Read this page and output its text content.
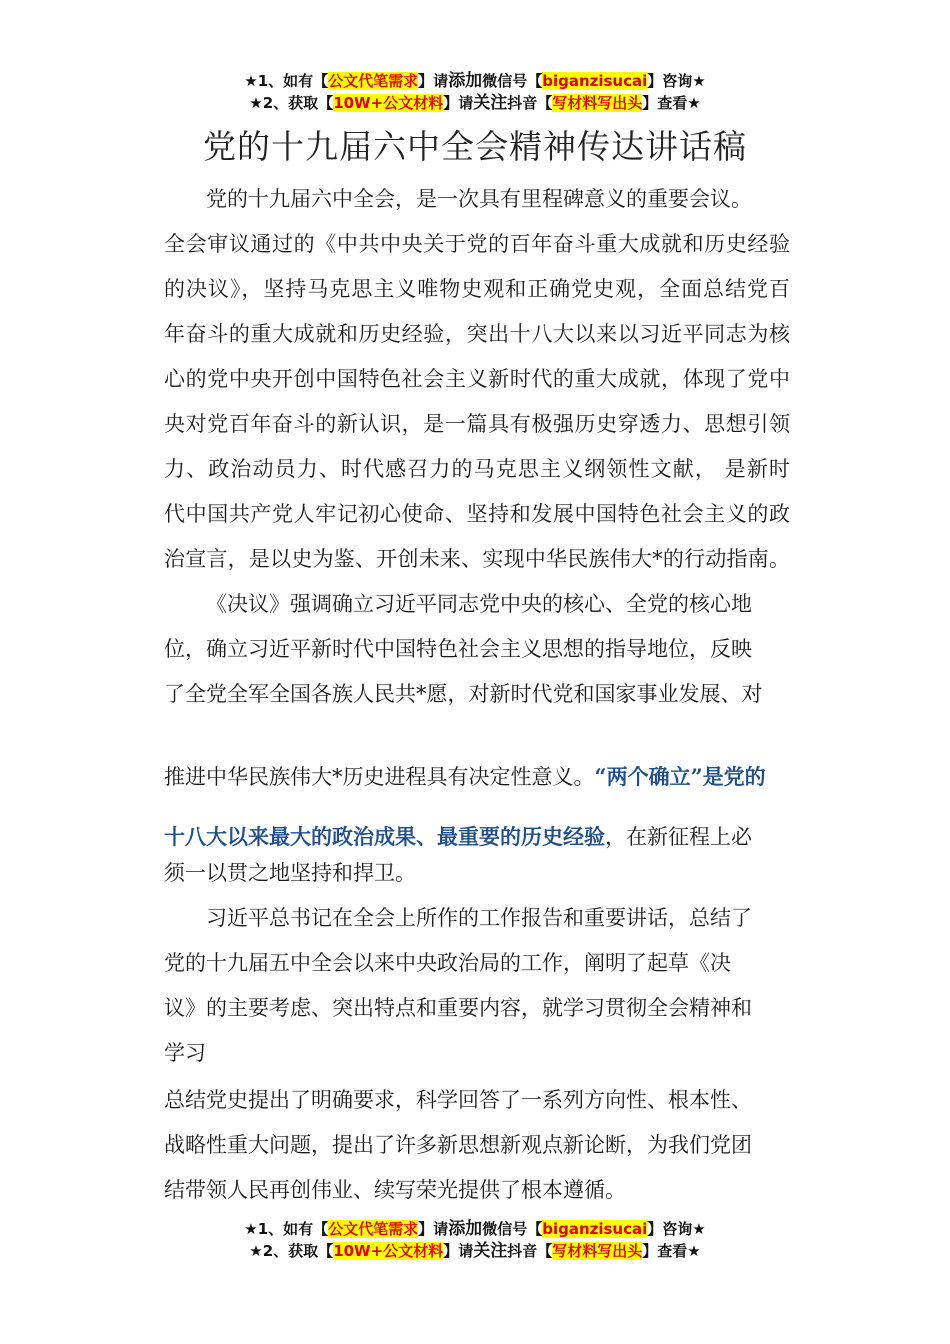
★1、如有【公文代笔需求】请添加微信号【biganzisucai】咨询★
★2、获取【10W+公文材料】请关注抖音【写材料写出头】查看★
党的十九届六中全会精神传达讲话稿
党的十九届六中全会，是一次具有里程碑意义的重要会议。
全会审议通过的《中共中央关于党的百年奋斗重大成就和历史经验
的决议》，坚持马克思主义唯物史观和正确党史观，全面总结党百
年奋斗的重大成就和历史经验，突出十八大以来以习近平同志为核
心的党中央开创中国特色社会主义新时代的重大成就，体现了党中
央对党百年奋斗的新认识，是一篇具有极强历史穿透力、思想引领
力、政治动员力、时代感召力的马克思主义纲领性文献， 是新时
代中国共产党人牢记初心使命、坚持和发展中国特色社会主义的政
治宣言，是以史为鉴、开创未来、实现中华民族伟大*的行动指南。
《决议》强调确立习近平同志党中央的核心、全党的核心地
位，确立习近平新时代中国特色社会主义思想的指导地位，反映
了全党全军全国各族人民共*愿，对新时代党和国家事业发展、对
推进中华民族伟大*历史进程具有决定性意义。“两个确立”是党的
十八大以来最大的政治成果、最重要的历史经验，在新征程上必
须一以贯之地坚持和捍卫。
习近平总书记在全会上所作的工作报告和重要讲话，总结了
党的十九届五中全会以来中央政治局的工作，阐明了起草《决
议》的主要考虑、突出特点和重要内容，就学习贯彻全会精神和
学习
总结党史提出了明确要求，科学回答了一系列方向性、根本性、
战略性重大问题，提出了许多新思想新观点新论断，为我们党团
结带领人民再创伟业、续写荣光提供了根本遵循。
★1、如有【公文代笔需求】请添加微信号【biganzisucai】咨询★
★2、获取【10W+公文材料】请关注抖音【写材料写出头】查看★
